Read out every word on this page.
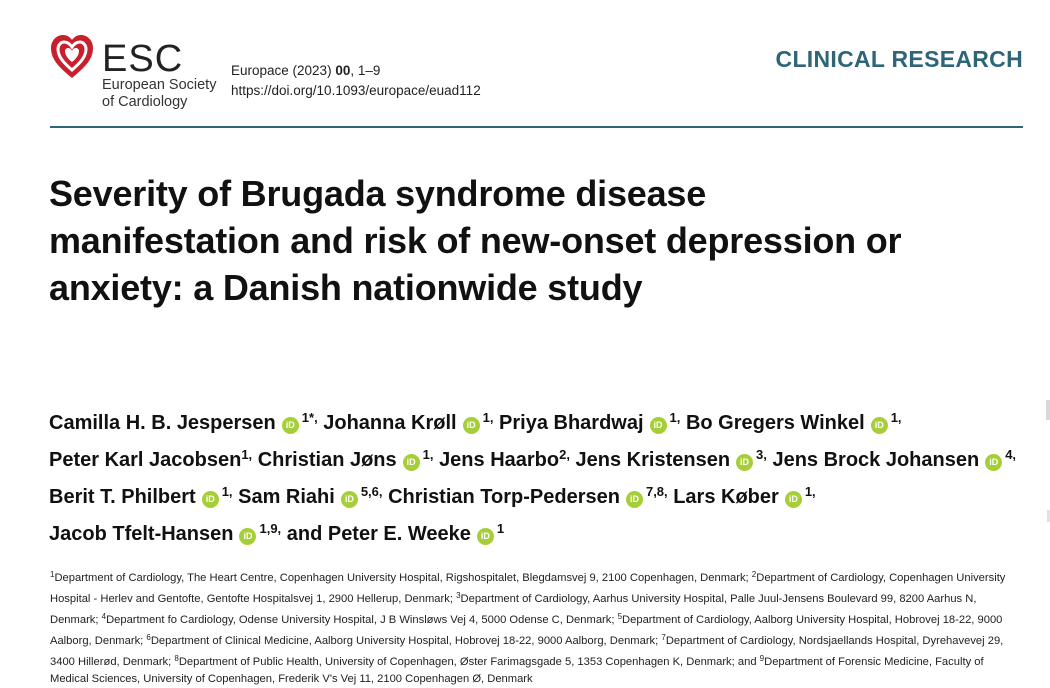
ESC
European Society
of Cardiology
Europace (2023) 00, 1–9
https://doi.org/10.1093/europace/euad112
CLINICAL RESEARCH
Severity of Brugada syndrome disease manifestation and risk of new-onset depression or anxiety: a Danish nationwide study
Camilla H. B. Jespersen iD $^{1*,}$ Johanna Krøll iD $^{1,}$ Priya Bhardwaj iD $^{1,}$ Bo Gregers Winkel iD $^{1,}$ Peter Karl Jacobsen$^{1,}$ Christian Jøns iD $^{1,}$ Jens Haarbo$^{2,}$ Jens Kristensen iD $^{3,}$ Jens Brock Johansen iD $^{4,}$ Berit T. Philbert iD $^{1,}$ Sam Riahi iD $^{5,6,}$ Christian Torp-Pedersen iD $^{7,8,}$ Lars Køber iD $^{1,}$ Jacob Tfelt-Hansen iD $^{1,9,}$ and Peter E. Weeke iD $^1$
$^1$Department of Cardiology, The Heart Centre, Copenhagen University Hospital, Rigshospitalet, Blegdamsvej 9, 2100 Copenhagen, Denmark; $^2$Department of Cardiology, Copenhagen University Hospital - Herlev and Gentofte, Gentofte Hospitalsvej 1, 2900 Hellerup, Denmark; $^3$Department of Cardiology, Aarhus University Hospital, Palle Juul-Jensens Boulevard 99, 8200 Aarhus N, Denmark; $^4$Department fo Cardiology, Odense University Hospital, J B Winsløws Vej 4, 5000 Odense C, Denmark; $^5$Department of Cardiology, Aalborg University Hospital, Hobrovej 18-22, 9000 Aalborg, Denmark; $^6$Department of Clinical Medicine, Aalborg University Hospital, Hobrovej 18-22, 9000 Aalborg, Denmark; $^7$Department of Cardiology, Nordsjaellands Hospital, Dyrehavevej 29, 3400 Hillerød, Denmark; $^8$Department of Public Health, University of Copenhagen, Øster Farimagsgade 5, 1353 Copenhagen K, Denmark; and $^9$Department of Forensic Medicine, Faculty of Medical Sciences, University of Copenhagen, Frederik V's Vej 11, 2100 Copenhagen Ø, Denmark
